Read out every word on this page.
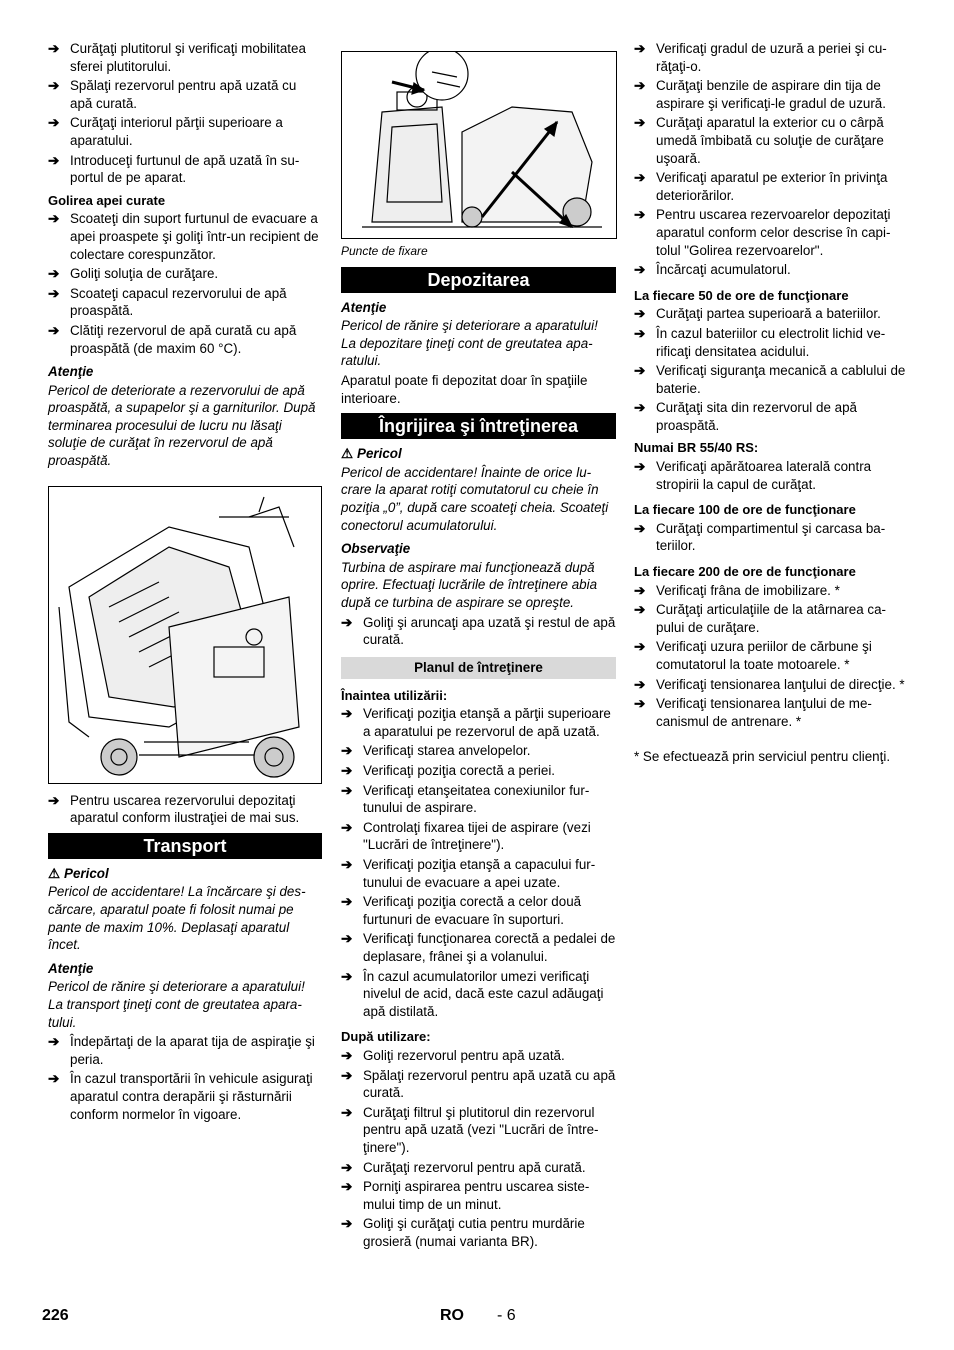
➔ Curăţaţi plutitorul şi verificaţi mobilitatea sferei plutitorului.
➔ Spălaţi rezervorul pentru apă uzată cu apă curată.
➔ Curăţaţi interiorul părţii superioare a aparatului.
➔ Introduceţi furtunul de apă uzată în suportul de pe aparat.
Golirea apei curate
➔ Scoateţi din suport furtunul de evacuare a apei proaspete şi goliţi într-un recipient de colectare corespunzător.
➔ Goliţi soluţia de curăţare.
➔ Scoateţi capacul rezervorului de apă proaspătă.
➔ Clătiţi rezervorul de apă curată cu apă proaspătă (de maxim 60 °C).
Atenţie
Pericol de deteriorate a rezervorului de apă proaspătă, a supapelor şi a garniturilor. După terminarea procesului de lucru nu lăsaţi soluţie de curăţat în rezervorul de apă proaspătă.
➔ Pentru uscarea rezervorului depozitaţi aparatul conform ilustraţiei de mai sus.
Transport
⚠ Pericol
Pericol de accidentare! La încărcare şi descărcare, aparatul poate fi folosit numai pe pante de maxim 10%. Deplasaţi aparatul încet.
Atenţie
Pericol de rănire şi deteriorare a aparatului! La transport ţineţi cont de greutatea aparatului.
➔ Îndepărtaţi de la aparat tija de aspiraţie şi peria.
➔ În cazul transportării în vehicule asiguraţi aparatul contra derapării şi răsturnării conform normelor în vigoare.
Puncte de fixare
Depozitarea
Atenţie
Pericol de rănire şi deteriorare a aparatului! La depozitare ţineţi cont de greutatea aparatului.
Aparatul poate fi depozitat doar în spaţiile interioare.
Îngrijirea şi întreţinerea
⚠ Pericol
Pericol de accidentare! Înainte de orice lucrare la aparat rotiţi comutatorul cu cheie în poziţia „0”, după care scoateţi cheia. Scoateţi conectorul acumulatorului.
Observaţie
Turbina de aspirare mai funcţionează după oprire. Efectuaţi lucrările de întreţinere abia după ce turbina de aspirare se opreşte.
➔ Goliţi şi aruncaţi apa uzată şi restul de apă curată.
Planul de întreţinere
Înaintea utilizării:
➔ Verificaţi poziţia etanşă a părţii superioare a aparatului pe rezervorul de apă uzată.
➔ Verificaţi starea anvelopelor.
➔ Verificaţi poziţia corectă a periei.
➔ Verificaţi etanşeitatea conexiunilor furtunului de aspirare.
➔ Controlaţi fixarea tijei de aspirare (vezi "Lucrări de întreţinere").
➔ Verificaţi poziţia etanşă a capacului furtunului de evacuare a apei uzate.
➔ Verificaţi poziţia corectă a celor două furtunuri de evacuare în suporturi.
➔ Verificaţi funcţionarea corectă a pedalei de deplasare, frânei şi a volanului.
➔ În cazul acumulatorilor umezi verificaţi nivelul de acid, dacă este cazul adăugaţi apă distilată.
După utilizare:
➔ Goliţi rezervorul pentru apă uzată.
➔ Spălaţi rezervorul pentru apă uzată cu apă curată.
➔ Curăţaţi filtrul şi plutitorul din rezervorul pentru apă uzată (vezi "Lucrări de întreţinere").
➔ Curăţaţi rezervorul pentru apă curată.
➔ Porniţi aspirarea pentru uscarea sistemului timp de un minut.
➔ Goliţi şi curăţaţi cutia pentru murdărie grosieră (numai varianta BR).
➔ Verificaţi gradul de uzură a periei şi curăţaţi-o.
➔ Curăţaţi benzile de aspirare din tija de aspirare şi verificaţi-le gradul de uzură.
➔ Curăţaţi aparatul la exterior cu o cârpă umedă îmbibată cu soluţie de curăţare uşoară.
➔ Verificaţi aparatul pe exterior în privinţa deteriorărilor.
➔ Pentru uscarea rezervoarelor depozitaţi aparatul conform celor descrise în capitolul "Golirea rezervoarelor".
➔ Încărcaţi acumulatorul.
La fiecare 50 de ore de funcţionare
➔ Curăţaţi partea superioară a bateriilor.
➔ În cazul bateriilor cu electrolit lichid verificaţi densitatea acidului.
➔ Verificaţi siguranţa mecanică a cablului de baterie.
➔ Curăţaţi sita din rezervorul de apă proaspătă.
Numai BR 55/40 RS:
➔ Verificaţi apărătoarea laterală contra stropirii la capul de curăţat.
La fiecare 100 de ore de funcţionare
➔ Curăţaţi compartimentul şi carcasa bateriilor.
La fiecare 200 de ore de funcţionare
➔ Verificaţi frâna de imobilizare. *
➔ Curăţaţi articulaţiile de la atârnarea capului de curăţare.
➔ Verificaţi uzura periilor de cărbune şi comutatorul la toate motoarele. *
➔ Verificaţi tensionarea lanţului de direcţie. *
➔ Verificaţi tensionarea lanţului de mecanismul de antrenare. *
* Se efectuează prin serviciul pentru clienţi.
226	RO - 6
